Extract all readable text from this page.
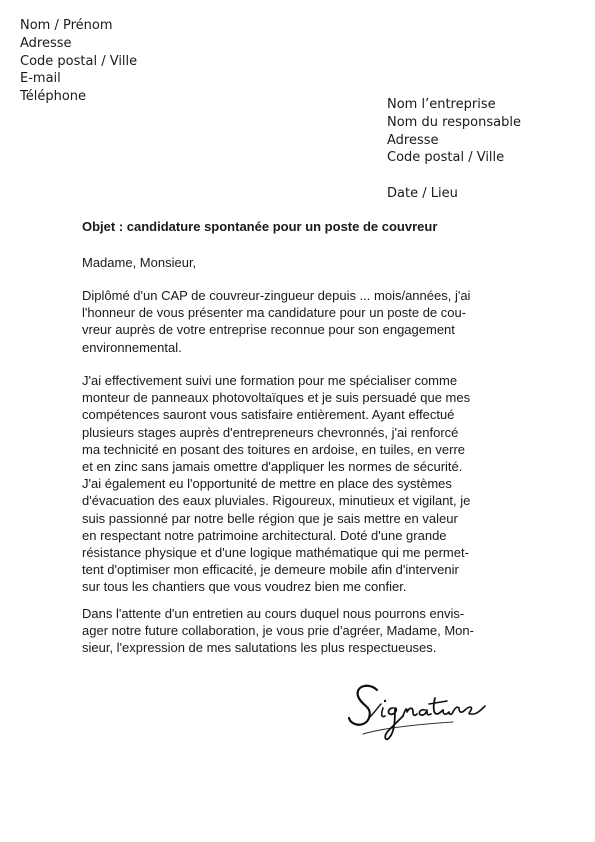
Nom / Prénom
Adresse
Code postal / Ville
E-mail
Téléphone
Nom l’entreprise
Nom du responsable
Adresse
Code postal / Ville
Date / Lieu
Objet : candidature spontanée pour un poste de couvreur
Madame, Monsieur,
Diplômé d'un CAP de couvreur-zingueur depuis ... mois/années, j'ai
l'honneur de vous présenter ma candidature pour un poste de cou-
vreur auprès de votre entreprise reconnue pour son engagement
environnemental.
J'ai effectivement suivi une formation pour me spécialiser comme
monteur de panneaux photovoltaïques et je suis persuadé que mes
compétences sauront vous satisfaire entièrement. Ayant effectué
plusieurs stages auprès d'entrepreneurs chevronnés, j'ai renforcé
ma technicité en posant des toitures en ardoise, en tuiles, en verre
et en zinc sans jamais omettre d'appliquer les normes de sécurité.
J'ai également eu l'opportunité de mettre en place des systèmes
d'évacuation des eaux pluviales. Rigoureux, minutieux et vigilant, je
suis passionné par notre belle région que je sais mettre en valeur
en respectant notre patrimoine architectural. Doté d'une grande
résistance physique et d'une logique mathématique qui me permet-
tent d'optimiser mon efficacité, je demeure mobile afin d'intervenir
sur tous les chantiers que vous voudrez bien me confier.
Dans l'attente d'un entretien au cours duquel nous pourrons envis-
ager notre future collaboration, je vous prie d'agréer, Madame, Mon-
sieur, l'expression de mes salutations les plus respectueuses.
